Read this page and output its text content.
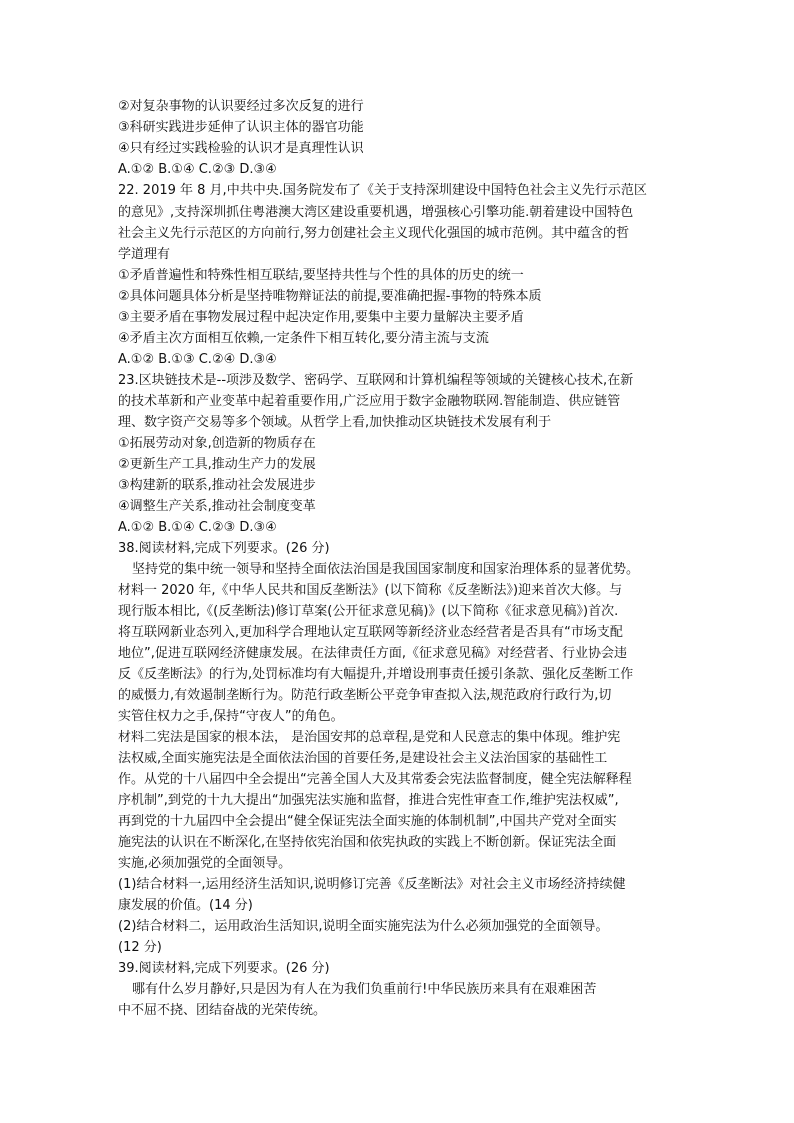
②对复杂事物的认识要经过多次反复的进行
③科研实践进步延伸了认识主体的器官功能
④只有经过实践检验的认识才是真理性认识
A.①② B.①④ C.②③ D.③④
22. 2019 年 8 月,中共中央.国务院发布了《关于支持深圳建设中国特色社会主义先行示范区
的意见》,支持深圳抓住粤港澳大湾区建设重要机遇，增强核心引擎功能.朝着建设中国特色
社会主义先行示范区的方向前行,努力创建社会主义现代化强国的城市范例。其中蕴含的哲
学道理有
①矛盾普遍性和特殊性相互联结,要坚持共性与个性的具体的历史的统一
②具体问题具体分析是坚持唯物辩证法的前提,要准确把握-事物的特殊本质
③主要矛盾在事物发展过程中起决定作用,要集中主要力量解决主要矛盾
④矛盾主次方面相互依赖,一定条件下相互转化,要分清主流与支流
A.①② B.①③ C.②④ D.③④
23.区块链技术是--项涉及数学、密码学、互联网和计算机编程等领域的关键核心技术,在新
的技术革新和产业变革中起着重要作用,广泛应用于数字金融物联网.智能制造、供应链管
理、数字资产交易等多个领域。从哲学上看,加快推动区块链技术发展有利于
①拓展劳动对象,创造新的物质存在
②更新生产工具,推动生产力的发展
③构建新的联系,推动社会发展进步
④调整生产关系,推动社会制度变革
A.①② B.①④ C.②③ D.③④
38.阅读材料,完成下列要求。(26 分)
坚持党的集中统一领导和坚持全面依法治国是我国国家制度和国家治理体系的显著优势。
材料一 2020 年,《中华人民共和国反垄断法》(以下简称《反垄断法》)迎来首次大修。与
现行版本相比,《(反垄断法)修订草案(公开征求意见稿)》(以下简称《征求意见稿》)首次.
将互联网新业态列入,更加科学合理地认定互联网等新经济业态经营者是否具有“市场支配
地位”,促进互联网经济健康发展。在法律责任方面,《征求意见稿》对经营者、行业协会违
反《反垄断法》的行为,处罚标准均有大幅提升,并增设刑事责任援引条款、强化反垄断工作
的威慑力,有效遏制垄断行为。防范行政垄断公平竞争审查拟入法,规范政府行政行为,切
实管住权力之手,保持“守夜人”的角色。
材料二宪法是国家的根本法， 是治国安邦的总章程,是党和人民意志的集中体现。维护宪
法权威,全面实施宪法是全面依法治国的首要任务,是建设社会主义法治国家的基础性工
作。从党的十八届四中全会提出“完善全国人大及其常委会宪法监督制度，健全宪法解释程
序机制”,到党的十九大提出“加强宪法实施和监督，推进合宪性审查工作,维护宪法权威”,
再到党的十九届四中全会提出“健全保证宪法全面实施的体制机制”,中国共产党对全面实
施宪法的认识在不断深化,在坚持依宪治国和依宪执政的实践上不断创新。保证宪法全面
实施,必须加强党的全面领导。
(1)结合材料一,运用经济生活知识,说明修订完善《反垄断法》对社会主义市场经济持续健
康发展的价值。(14 分)
(2)结合材料二，运用政治生活知识,说明全面实施宪法为什么必须加强党的全面领导。
(12 分)
39.阅读材料,完成下列要求。(26 分)
哪有什么岁月静好,只是因为有人在为我们负重前行!中华民族历来具有在艰难困苦
中不屈不挠、团结奋战的光荣传统。
